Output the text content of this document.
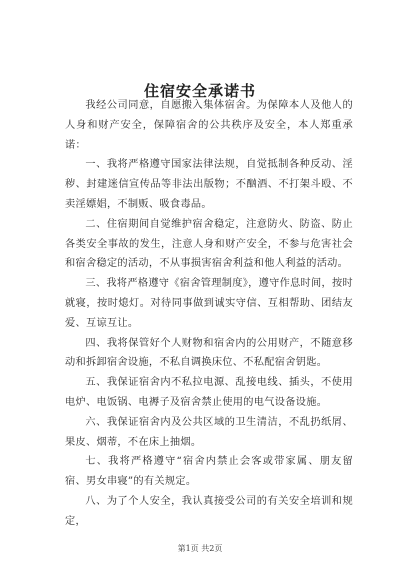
住宿安全承诺书

我经公司同意，自愿搬入集体宿舍。为保障本人及他人的人身和财产安全，保障宿舍的公共秩序及安全，本人郑重承诺：

一、我将严格遵守国家法律法规，自觉抵制各种反动、淫秽、封建迷信宣传品等非法出版物；不酗酒、不打架斗殴、不卖淫嫖娼，不制贩、吸食毒品。

二、住宿期间自觉维护宿舍稳定，注意防火、防盗、防止各类安全事故的发生，注意人身和财产安全，不参与危害社会和宿舍稳定的活动，不从事损害宿舍利益和他人利益的活动。

三、我将严格遵守《宿舍管理制度》，遵守作息时间，按时就寝，按时熄灯。对待同事做到诚实守信、互相帮助、团结友爱、互谅互让。

四、我将保管好个人财物和宿舍内的公用财产，不随意移动和拆卸宿舍设施，不私自调换床位、不私配宿舍钥匙。

五、我保证宿舍内不私拉电源、乱接电线、插头，不使用电炉、电饭锅、电褥子及宿舍禁止使用的电气设备设施。

六、我保证宿舍内及公共区域的卫生清洁，不乱扔纸屑、果皮、烟蒂，不在床上抽烟。

七、我将严格遵守“宿舍内禁止会客或带家属、朋友留宿、男女串寝”的有关规定。

八、为了个人安全，我认真接受公司的有关安全培训和规定，

第1页 共2页
